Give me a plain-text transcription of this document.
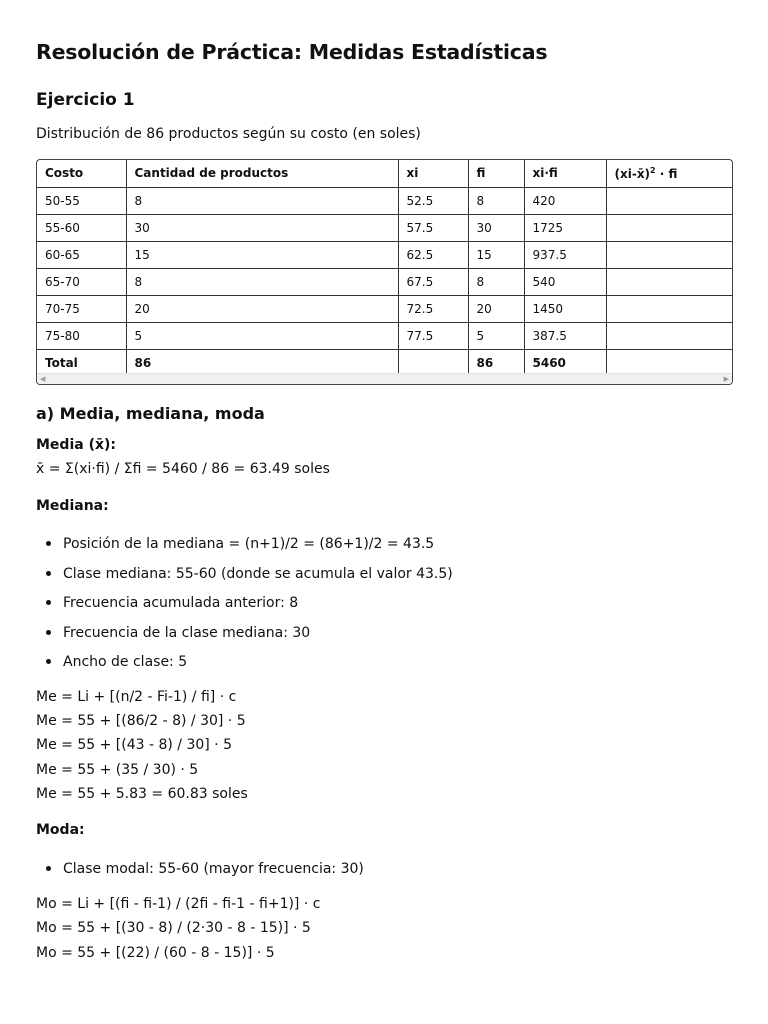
Resolución de Práctica: Medidas Estadísticas
Ejercicio 1

Distribución de 86 productos según su costo (en soles)

Costo	Cantidad de productos	xi	fi	xi·fi	(xi-x̄)$^2$ · fi
50-55	8	52.5	8	420	
55-60	30	57.5	30	1725	
60-65	15	62.5	15	937.5	
65-70	8	67.5	8	540	
70-75	20	72.5	20	1450	
75-80	5	77.5	5	387.5	
Total	86		86	5460	
◀	▶
a) Media, mediana, moda

Media (x̄):

x̄ = Σ(xi·fi) / Σfi = 5460 / 86 = 63.49 soles

Mediana:

Posición de la mediana = (n+1)/2 = (86+1)/2 = 43.5
Clase mediana: 55-60 (donde se acumula el valor 43.5)
Frecuencia acumulada anterior: 8
Frecuencia de la clase mediana: 30
Ancho de clase: 5

Me = Li + [(n/2 - Fi-1) / fi] · c

Me = 55 + [(86/2 - 8) / 30] · 5

Me = 55 + [(43 - 8) / 30] · 5

Me = 55 + (35 / 30) · 5

Me = 55 + 5.83 = 60.83 soles

Moda:

Clase modal: 55-60 (mayor frecuencia: 30)

Mo = Li + [(fi - fi-1) / (2fi - fi-1 - fi+1)] · c

Mo = 55 + [(30 - 8) / (2·30 - 8 - 15)] · 5

Mo = 55 + [(22) / (60 - 8 - 15)] · 5
